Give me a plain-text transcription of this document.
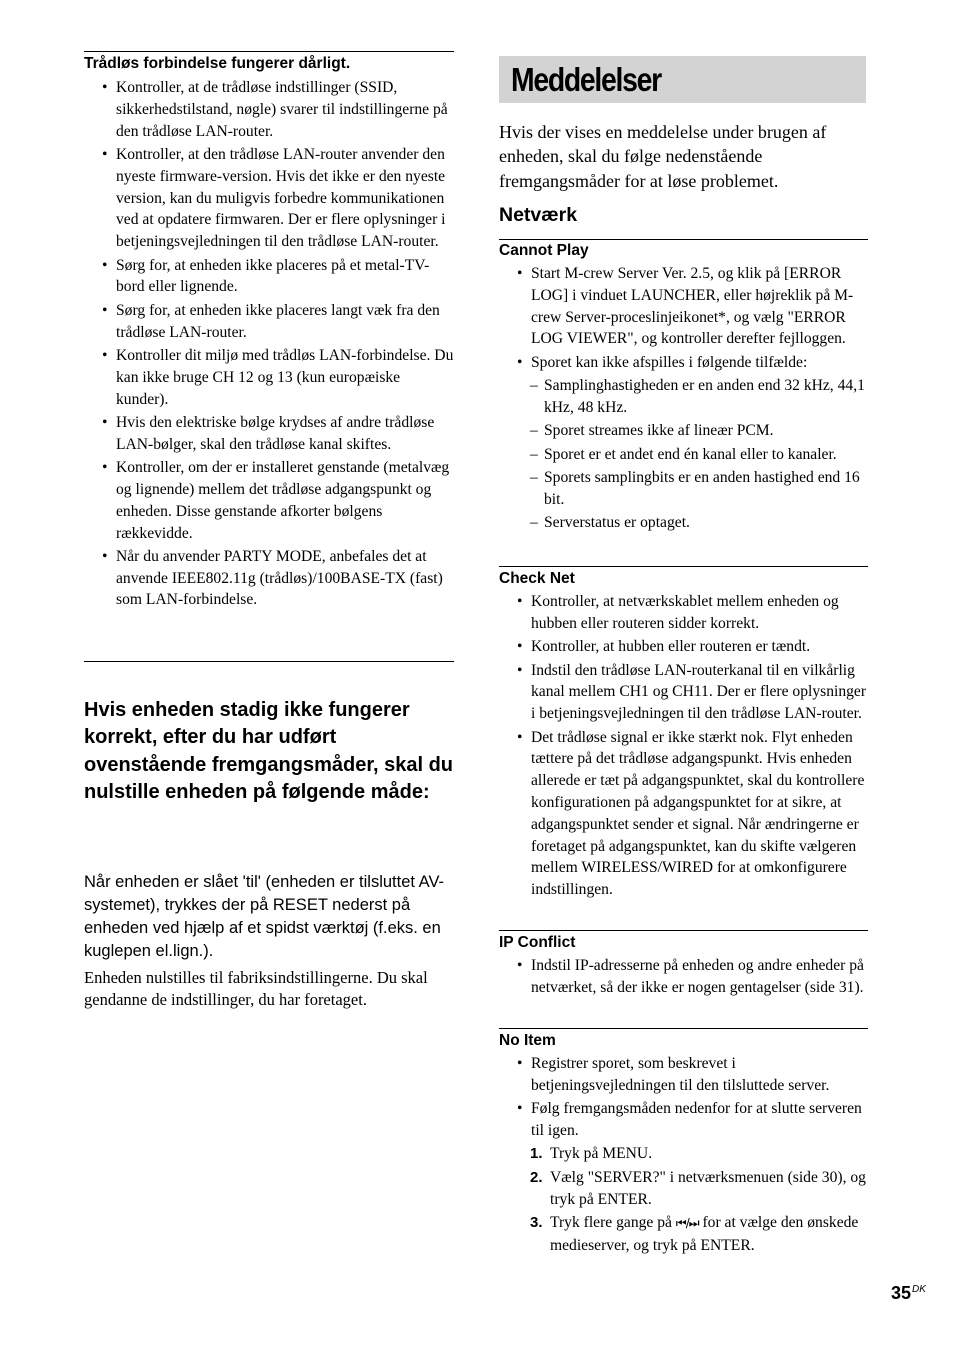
Trådløs forbindelse fungerer dårligt.

• Kontroller, at de trådløse indstillinger (SSID, sikkerhedstilstand, nøgle) svarer til indstillingerne på den trådløse LAN-router.
• Kontroller, at den trådløse LAN-router anvender den nyeste firmware-version. Hvis det ikke er den nyeste version, kan du muligvis forbedre kommunikationen ved at opdatere firmwaren. Der er flere oplysninger i betjeningsvejledningen til den trådløse LAN-router.
• Sørg for, at enheden ikke placeres på et metal-TV-bord eller lignende.
• Sørg for, at enheden ikke placeres langt væk fra den trådløse LAN-router.
• Kontroller dit miljø med trådløs LAN-forbindelse. Du kan ikke bruge CH 12 og 13 (kun europæiske kunder).
• Hvis den elektriske bølge krydses af andre trådløse LAN-bølger, skal den trådløse kanal skiftes.
• Kontroller, om der er installeret genstande (metalvæg og lignende) mellem det trådløse adgangspunkt og enheden. Disse genstande afkorter bølgens rækkevidde.
• Når du anvender PARTY MODE, anbefales det at anvende IEEE802.11g (trådløs)/100BASE-TX (fast) som LAN-forbindelse.
Hvis enheden stadig ikke fungerer korrekt, efter du har udført ovenstående fremgangsmåder, skal du nulstille enheden på følgende måde:

Når enheden er slået 'til' (enheden er tilsluttet AV-systemet), trykkes der på RESET nederst på enheden ved hjælp af et spidst værktøj (f.eks. en kuglepen el.lign.).

Enheden nulstilles til fabriksindstillingerne. Du skal gendanne de indstillinger, du har foretaget.

Meddelelser

Hvis der vises en meddelelse under brugen af enheden, skal du følge nedenstående fremgangsmåder for at løse problemet.

Netværk

Cannot Play

• Start M-crew Server Ver. 2.5, og klik på [ERROR LOG] i vinduet LAUNCHER, eller højreklik på M-crew Server-proceslinjeikonet*, og vælg "ERROR LOG VIEWER", og kontroller derefter fejlloggen.
• Sporet kan ikke afspilles i følgende tilfælde:
– Samplinghastigheden er en anden end 32 kHz, 44,1 kHz, 48 kHz.
– Sporet streames ikke af lineær PCM.
– Sporet er et andet end én kanal eller to kanaler.
– Sporets samplingbits er en anden hastighed end 16 bit.
– Serverstatus er optaget.

Check Net

• Kontroller, at netværkskablet mellem enheden og hubben eller routeren sidder korrekt.
• Kontroller, at hubben eller routeren er tændt.
• Indstil den trådløse LAN-routerkanal til en vilkårlig kanal mellem CH1 og CH11. Der er flere oplysninger i betjeningsvejledningen til den trådløse LAN-router.
• Det trådløse signal er ikke stærkt nok. Flyt enheden tættere på det trådløse adgangspunkt. Hvis enheden allerede er tæt på adgangspunktet, skal du kontrollere konfigurationen på adgangspunktet for at sikre, at adgangspunktet sender et signal. Når ændringerne er foretaget på adgangspunktet, kan du skifte vælgeren mellem WIRELESS/WIRED for at omkonfigurere indstillingen.

IP Conflict

• Indstil IP-adresserne på enheden og andre enheder på netværket, så der ikke er nogen gentagelser (side 31).

No Item

• Registrer sporet, som beskrevet i betjeningsvejledningen til den tilsluttede server.
• Følg fremgangsmåden nedenfor for at slutte serveren til igen.
1. Tryk på MENU.
2. Vælg "SERVER?" i netværksmenuen (side 30), og tryk på ENTER.
3. Tryk flere gange på ⏮/⏭ for at vælge den ønskede medieserver, og tryk på ENTER.
$35^{DK}$
